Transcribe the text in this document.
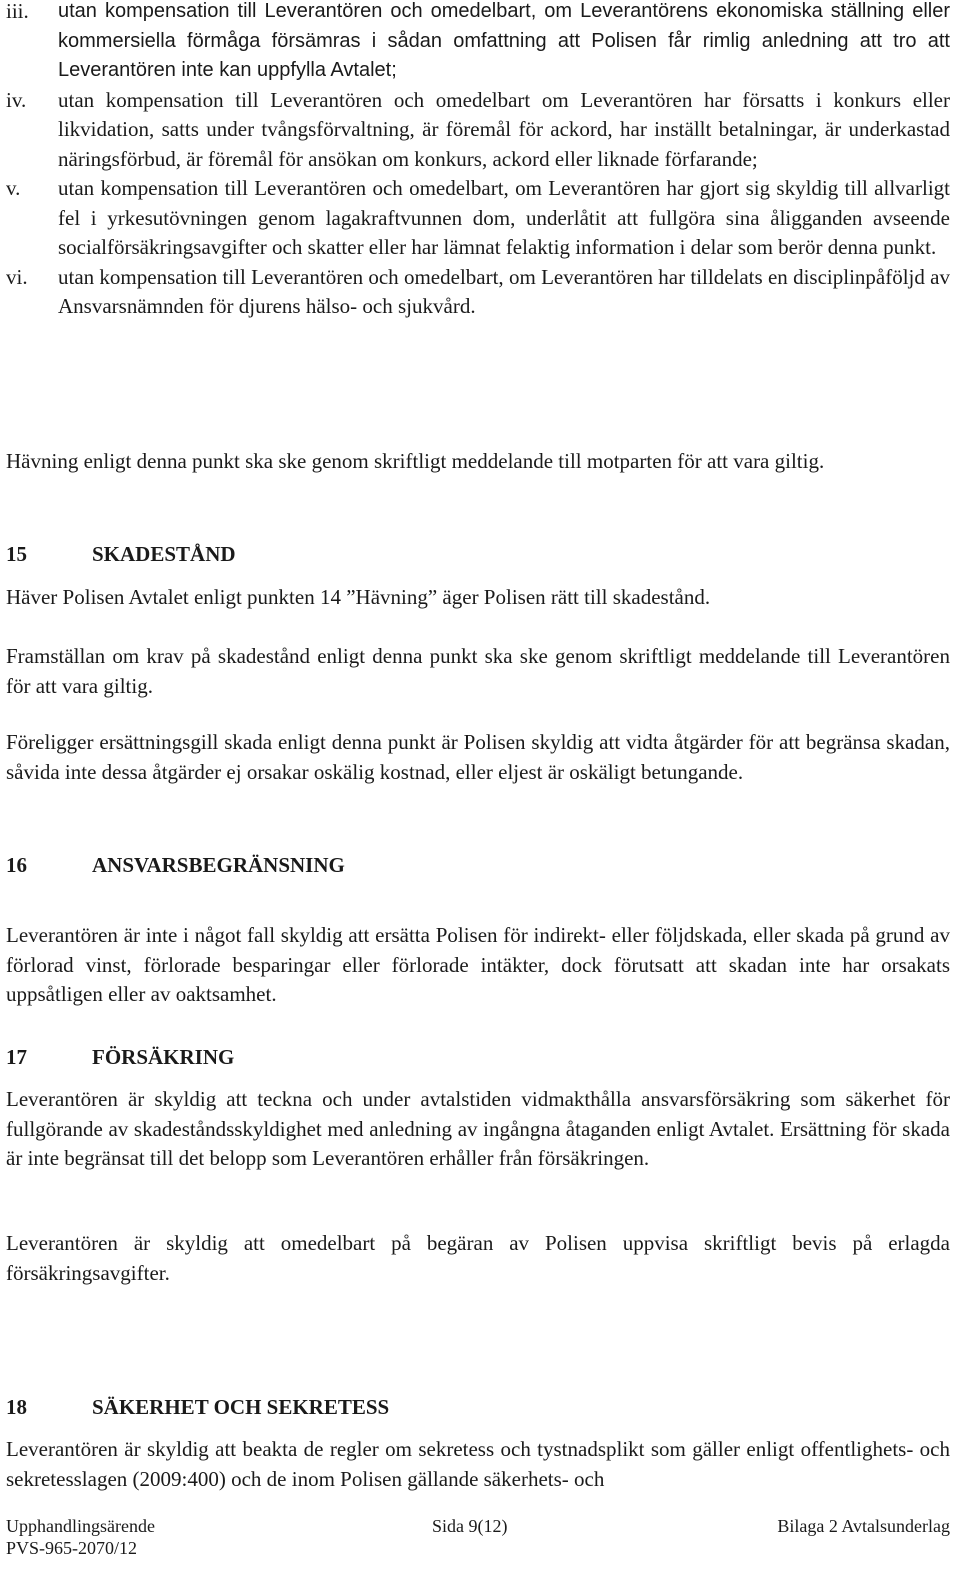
iii.	utan kompensation till Leverantören och omedelbart, om Leverantörens ekonomiska ställning eller kommersiella förmåga försämras i sådan omfattning att Polisen får rimlig anledning att tro att Leverantören inte kan uppfylla Avtalet;
iv.	utan kompensation till Leverantören och omedelbart om Leverantören har försatts i konkurs eller likvidation, satts under tvångsförvaltning, är föremål för ackord, har inställt betalningar, är underkastad näringsförbud, är föremål för ansökan om konkurs, ackord eller liknade förfarande;
v.	utan kompensation till Leverantören och omedelbart, om Leverantören har gjort sig skyldig till allvarligt fel i yrkesutövningen genom lagakraftvunnen dom, underlåtit att fullgöra sina åligganden avseende socialförsäkringsavgifter och skatter eller har lämnat felaktig information i delar som berör denna punkt.
vi.	utan kompensation till Leverantören och omedelbart, om Leverantören har tilldelats en disciplinpåföljd av Ansvarsnämnden för djurens hälso- och sjukvård.
Hävning enligt denna punkt ska ske genom skriftligt meddelande till motparten för att vara giltig.
15	SKADESTÅND
Häver Polisen Avtalet enligt punkten 14 ”Hävning” äger Polisen rätt till skadestånd.
Framställan om krav på skadestånd enligt denna punkt ska ske genom skriftligt meddelande till Leverantören för att vara giltig.
Föreligger ersättningsgill skada enligt denna punkt är Polisen skyldig att vidta åtgärder för att begränsa skadan, såvida inte dessa åtgärder ej orsakar oskälig kostnad, eller eljest är oskäligt betungande.
16	ANSVARSBEGRÄNSNING
Leverantören är inte i något fall skyldig att ersätta Polisen för indirekt- eller följdskada, eller skada på grund av förlorad vinst, förlorade besparingar eller förlorade intäkter, dock förutsatt att skadan inte har orsakats uppsåtligen eller av oaktsamhet.
17	FÖRSÄKRING
Leverantören är skyldig att teckna och under avtalstiden vidmakthålla ansvarsförsäkring som säkerhet för fullgörande av skadeståndsskyldighet med anledning av ingångna åtaganden enligt Avtalet. Ersättning för skada är inte begränsat till det belopp som Leverantören erhåller från försäkringen.
Leverantören är skyldig att omedelbart på begäran av Polisen uppvisa skriftligt bevis på erlagda försäkringsavgifter.
18	SÄKERHET OCH SEKRETESS
Leverantören är skyldig att beakta de regler om sekretess och tystnadsplikt som gäller enligt offentlighets- och sekretesslagen (2009:400) och de inom Polisen gällande säkerhets- och
Upphandlingsärende	Bilaga 2 Avtalsunderlag
Sida 9(12)
PVS-965-2070/12
